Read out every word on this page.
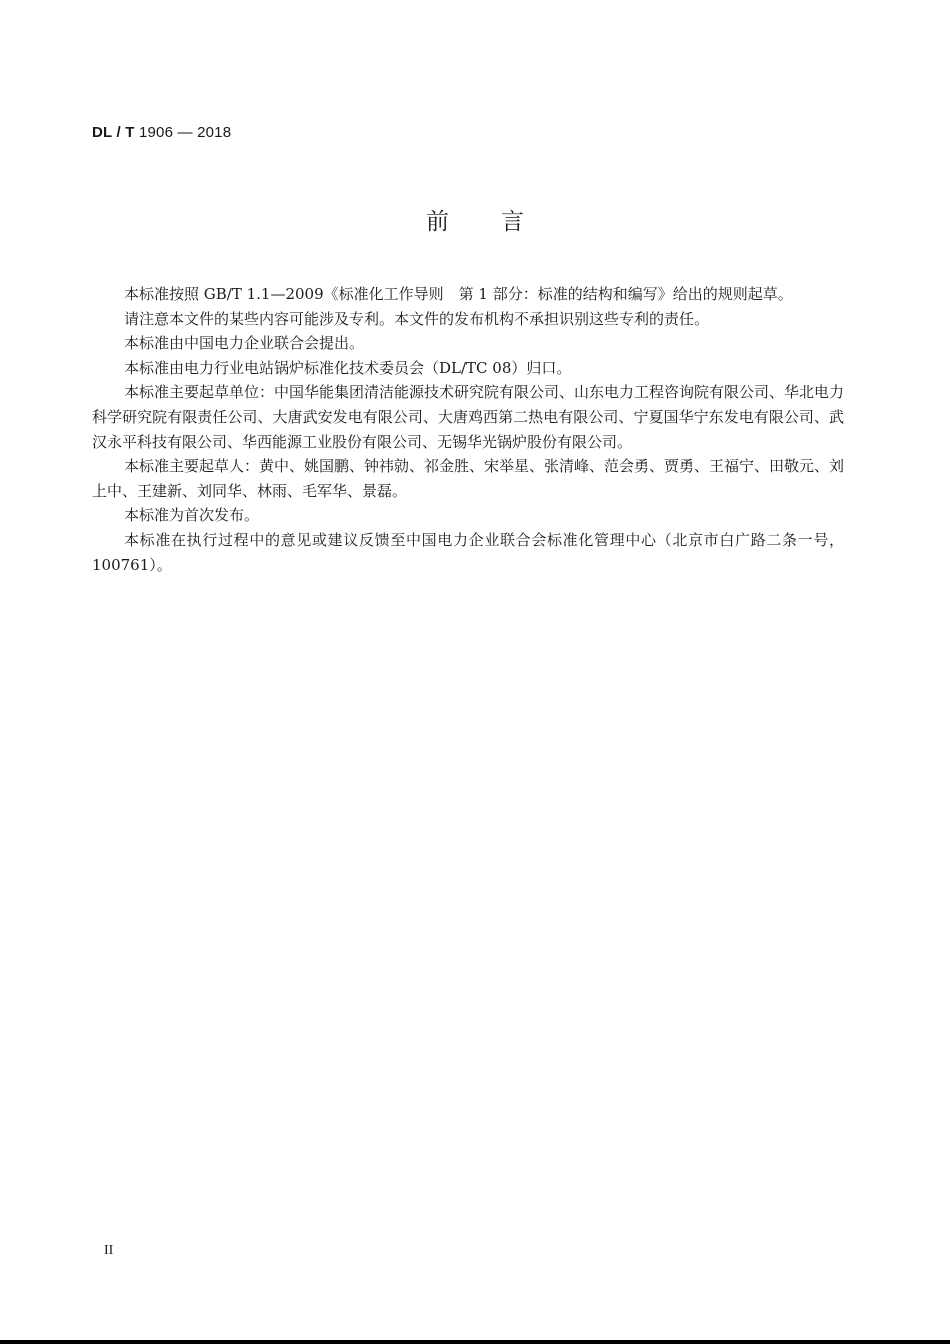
DL / T 1906 — 2018
前言

本标准按照 GB/T 1.1—2009《标准化工作导则　第 1 部分：标准的结构和编写》给出的规则起草。

请注意本文件的某些内容可能涉及专利。本文件的发布机构不承担识别这些专利的责任。

本标准由中国电力企业联合会提出。

本标准由电力行业电站锅炉标准化技术委员会（DL/TC 08）归口。

本标准主要起草单位：中国华能集团清洁能源技术研究院有限公司、山东电力工程咨询院有限公司、华北电力科学研究院有限责任公司、大唐武安发电有限公司、大唐鸡西第二热电有限公司、宁夏国华宁东发电有限公司、武汉永平科技有限公司、华西能源工业股份有限公司、无锡华光锅炉股份有限公司。

本标准主要起草人：黄中、姚国鹏、钟祎勍、祁金胜、宋举星、张清峰、范会勇、贾勇、王福宁、田敬元、刘上中、王建新、刘同华、林雨、毛军华、景磊。

本标准为首次发布。

本标准在执行过程中的意见或建议反馈至中国电力企业联合会标准化管理中心（北京市白广路二条一号，100761）。

II
